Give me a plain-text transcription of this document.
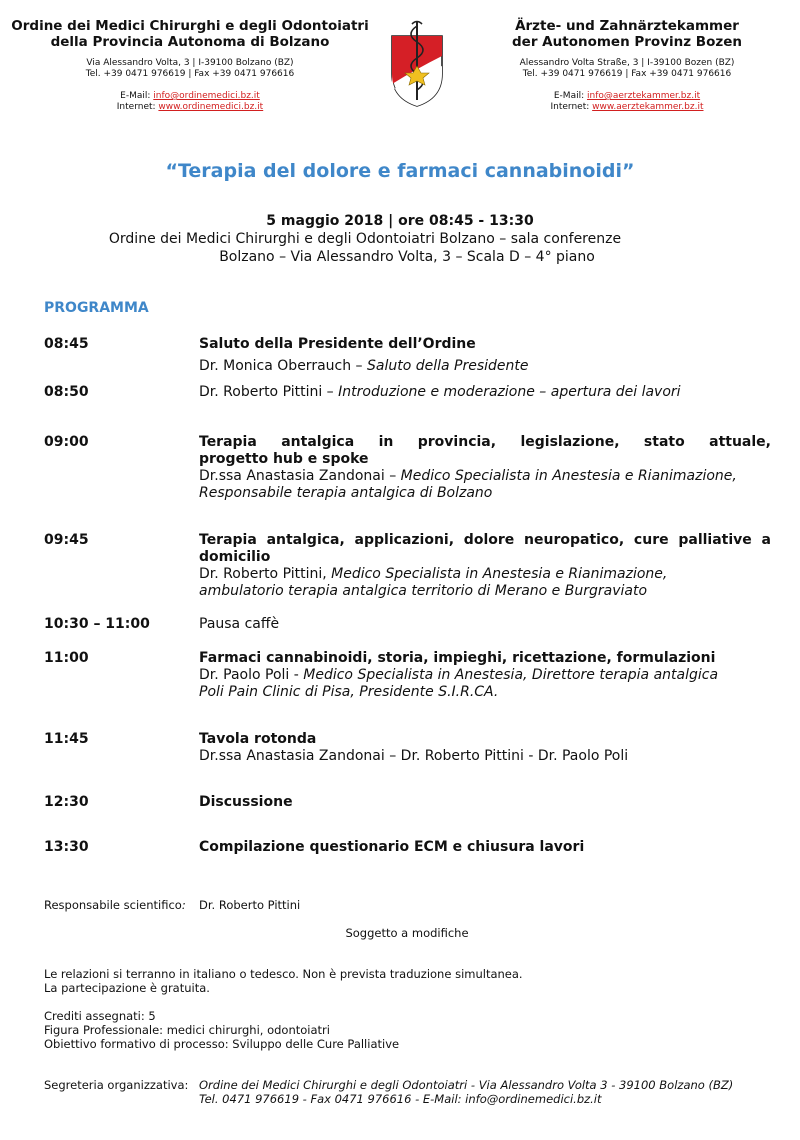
Ordine dei Medici Chirurghi e degli Odontoiatri
della Provincia Autonoma di Bolzano
Via Alessandro Volta, 3 | I-39100 Bolzano (BZ)
Tel. +39 0471 976619 | Fax +39 0471 976616
E-Mail: info@ordinemedici.bz.it
Internet: www.ordinemedici.bz.it
Ärzte- und Zahnärztekammer
der Autonomen Provinz Bozen
Alessandro Volta Straße, 3 | I-39100 Bozen (BZ)
Tel. +39 0471 976619 | Fax +39 0471 976616
E-Mail: info@aerztekammer.bz.it
Internet: www.aerztekammer.bz.it
“Terapia del dolore e farmaci cannabinoidi”
5 maggio 2018 | ore 08:45 - 13:30
Ordine dei Medici Chirurghi e degli Odontoiatri Bolzano – sala conferenze
Bolzano – Via Alessandro Volta, 3 – Scala D – 4° piano
PROGRAMMA
08:45	Saluto della Presidente dell’Ordine
Dr. Monica Oberrauch – Saluto della Presidente
08:50	Dr. Roberto Pittini – Introduzione e moderazione – apertura dei lavori
09:00	Terapia antalgica in provincia, legislazione, stato attuale,
progetto hub e spoke
Dr.ssa Anastasia Zandonai – Medico Specialista in Anestesia e Rianimazione,
Responsabile terapia antalgica di Bolzano
09:45	Terapia antalgica, applicazioni, dolore neuropatico, cure palliative a
domicilio
Dr. Roberto Pittini, Medico Specialista in Anestesia e Rianimazione,
ambulatorio terapia antalgica territorio di Merano e Burgraviato
10:30 – 11:00	Pausa caffè
11:00	Farmaci cannabinoidi, storia, impieghi, ricettazione, formulazioni
Dr. Paolo Poli - Medico Specialista in Anestesia, Direttore terapia antalgica
Poli Pain Clinic di Pisa, Presidente S.I.R.CA.
11:45	Tavola rotonda
Dr.ssa Anastasia Zandonai – Dr. Roberto Pittini - Dr. Paolo Poli
12:30	Discussione
13:30	Compilazione questionario ECM e chiusura lavori
Responsabile scientifico: Dr. Roberto Pittini
Soggetto a modifiche
Le relazioni si terranno in italiano o tedesco. Non è prevista traduzione simultanea.
La partecipazione è gratuita.
Crediti assegnati: 5
Figura Professionale: medici chirurghi, odontoiatri
Obiettivo formativo di processo: Sviluppo delle Cure Palliative
Segreteria organizzativa: Ordine dei Medici Chirurghi e degli Odontoiatri - Via Alessandro Volta 3 - 39100 Bolzano (BZ)
Tel. 0471 976619 - Fax 0471 976616 - E-Mail: info@ordinemedici.bz.it
